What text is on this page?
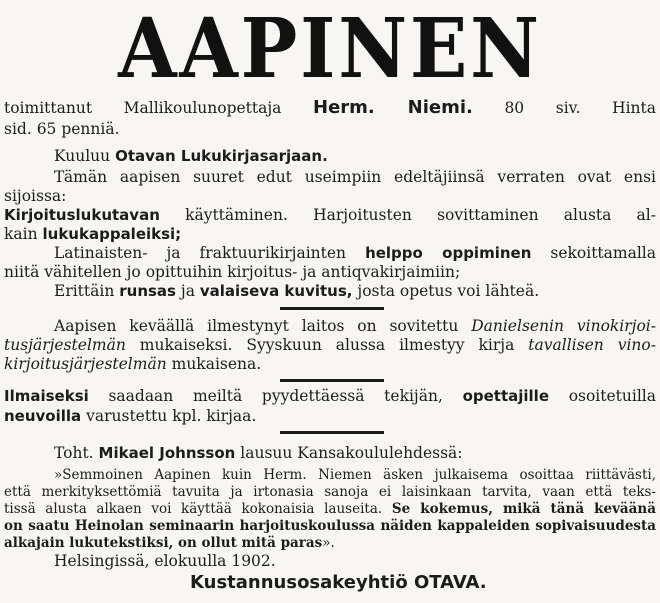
AAPINEN
toimittanut Mallikoulunopettaja Herm. Niemi. 80 siv. Hinta
sid. 65 penniä.
Kuuluu Otavan Lukukirjasarjaan.
Tämän aapisen suuret edut useimpiin edeltäjiinsä verraten ovat ensi
sijoissa:
Kirjoituslukutavan käyttäminen. Harjoitusten sovittaminen alusta al-
kain lukukappaleiksi;
Latinaisten- ja fraktuurikirjainten helppo oppiminen sekoittamalla
niitä vähitellen jo opittuihin kirjoitus- ja antiqvakirjaimiin;
Erittäin runsas ja valaiseva kuvitus, josta opetus voi lähteä.
Aapisen keväällä ilmestynyt laitos on sovitettu Danielsenin vinokirjoi-
tusjärjestelmän mukaiseksi. Syyskuun alussa ilmestyy kirja tavallisen vino-
kirjoitusjärjestelmän mukaisena.
Ilmaiseksi saadaan meiltä pyydettäessä tekijän, opettajille osoitetuilla
neuvoilla varustettu kpl. kirjaa.
Toht. Mikael Johnsson lausuu Kansakoululehdessä:
»Semmoinen Aapinen kuin Herm. Niemen äsken julkaisema osoittaa riittävästi,
että merkityksettömiä tavuita ja irtonasia sanoja ei laisinkaan tarvita, vaan että teks-
tissä alusta alkaen voi käyttää kokonaisia lauseita. Se kokemus, mikä tänä keväänä
on saatu Heinolan seminaarin harjoituskoulussa näiden kappaleiden sopivaisuudesta
alkajain lukutekstiksi, on ollut mitä paras».
Helsingissä, elokuulla 1902.
Kustannusosakeyhtiö OTAVA.
